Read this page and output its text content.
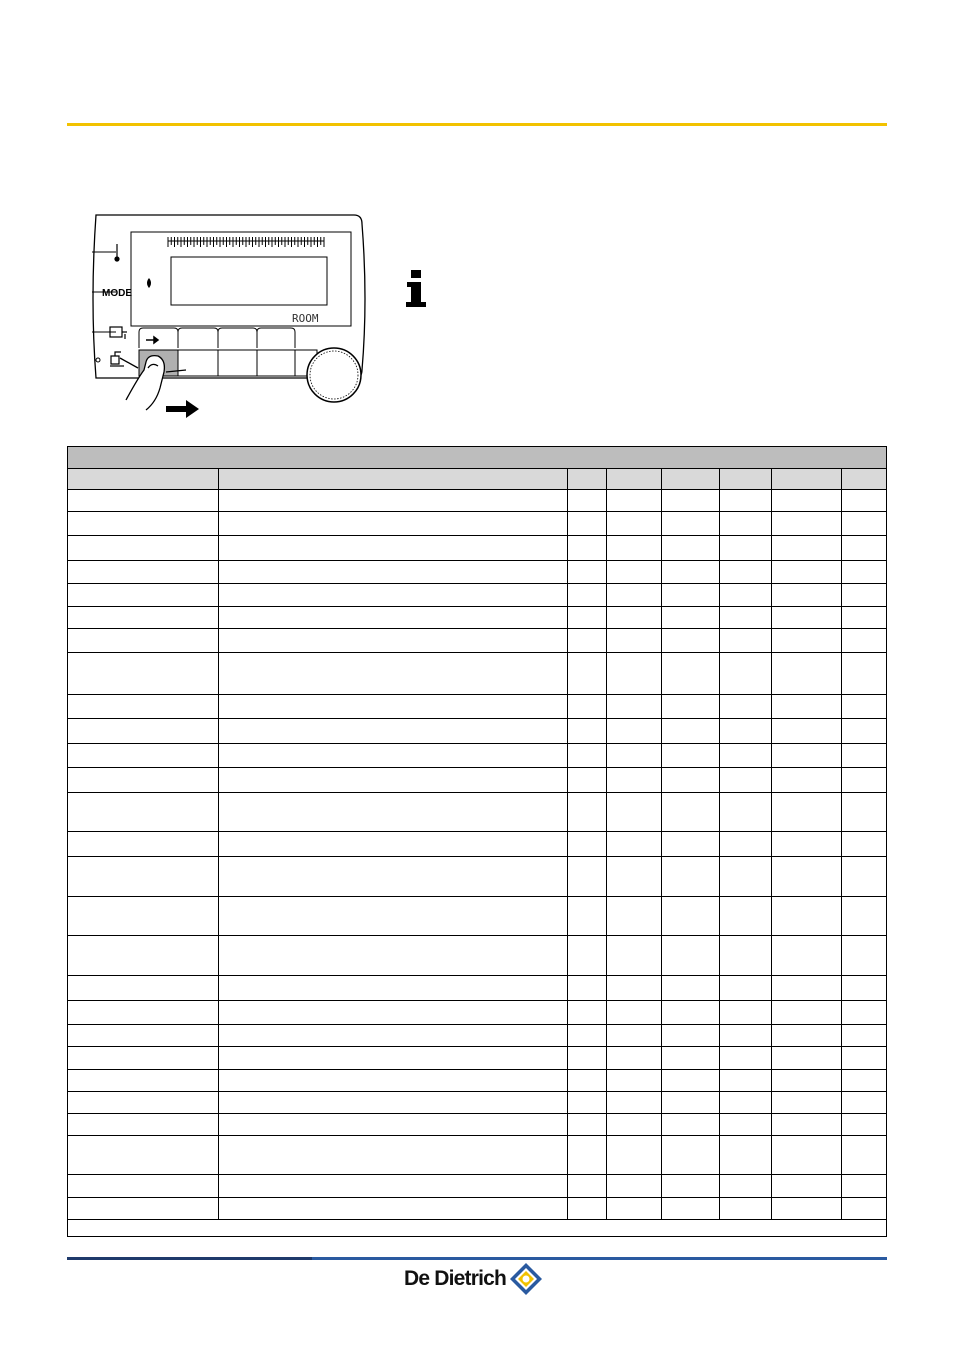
MODE
ROOM

De Dietrich
